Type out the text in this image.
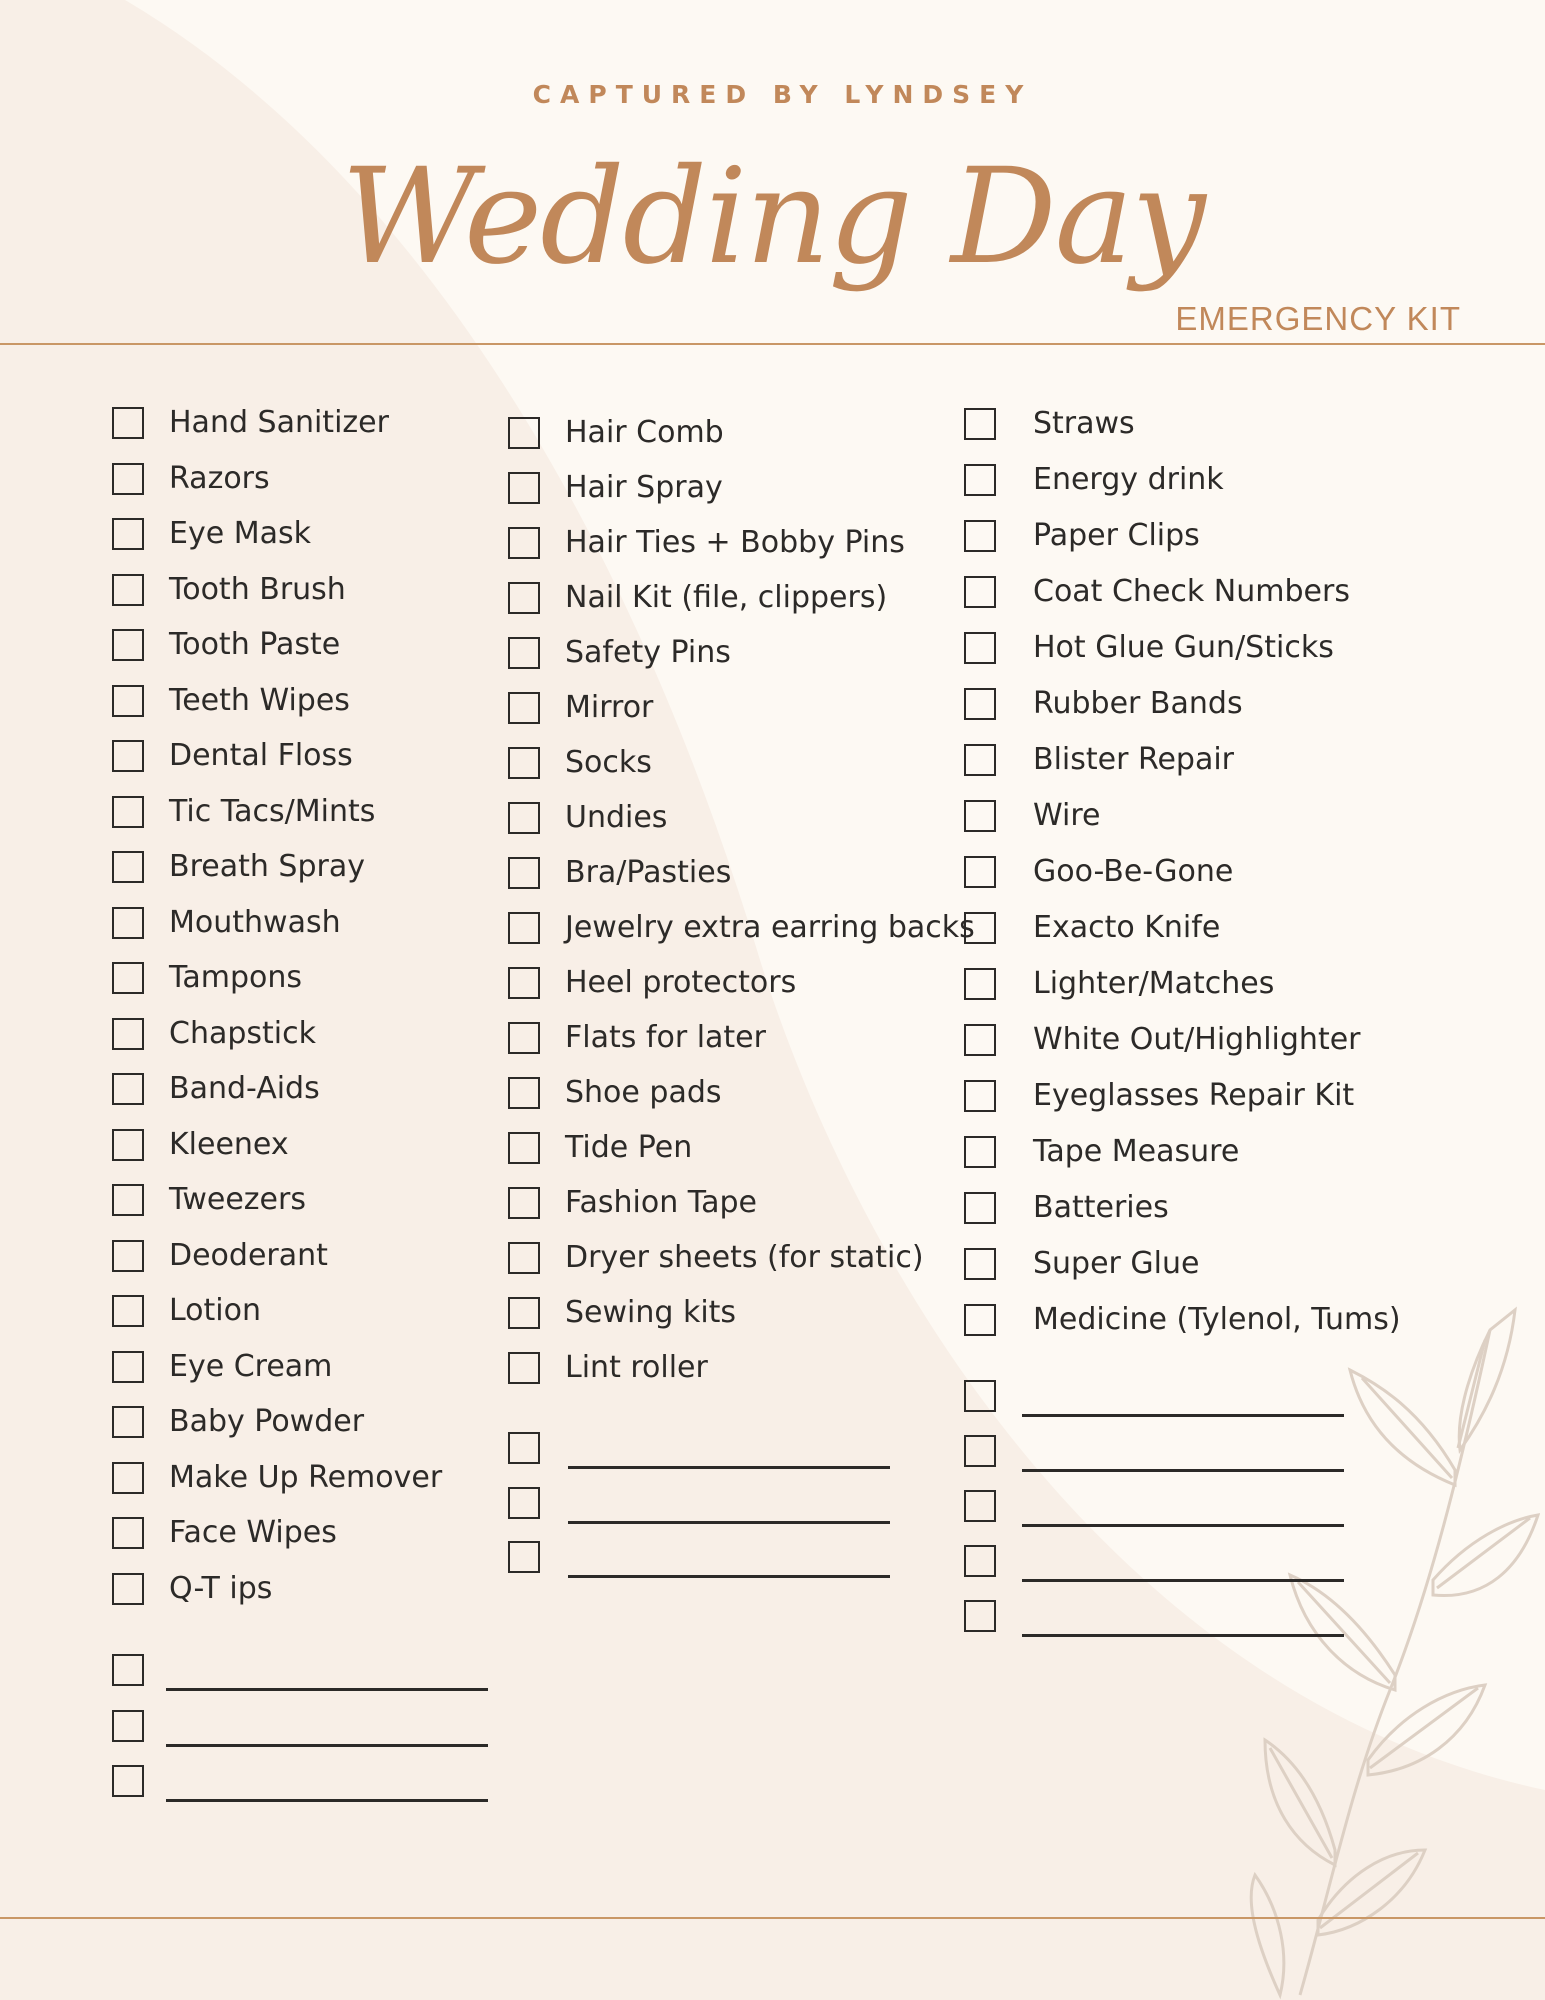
CAPTURED BY LYNDSEY
Wedding Day
EMERGENCY KIT
Hand Sanitizer
Razors
Eye Mask
Tooth Brush
Tooth Paste
Teeth Wipes
Dental Floss
Tic Tacs/Mints
Breath Spray
Mouthwash
Tampons
Chapstick
Band-Aids
Kleenex
Tweezers
Deoderant
Lotion
Eye Cream
Baby Powder
Make Up Remover
Face Wipes
Q-T ips
Hair Comb
Hair Spray
Hair Ties + Bobby Pins
Nail Kit (file, clippers)
Safety Pins
Mirror
Socks
Undies
Bra/Pasties
Jewelry extra earring backs
Heel protectors
Flats for later
Shoe pads
Tide Pen
Fashion Tape
Dryer sheets (for static)
Sewing kits
Lint roller
Straws
Energy drink
Paper Clips
Coat Check Numbers
Hot Glue Gun/Sticks
Rubber Bands
Blister Repair
Wire
Goo-Be-Gone
Exacto Knife
Lighter/Matches
White Out/Highlighter
Eyeglasses Repair Kit
Tape Measure
Batteries
Super Glue
Medicine (Tylenol, Tums)
